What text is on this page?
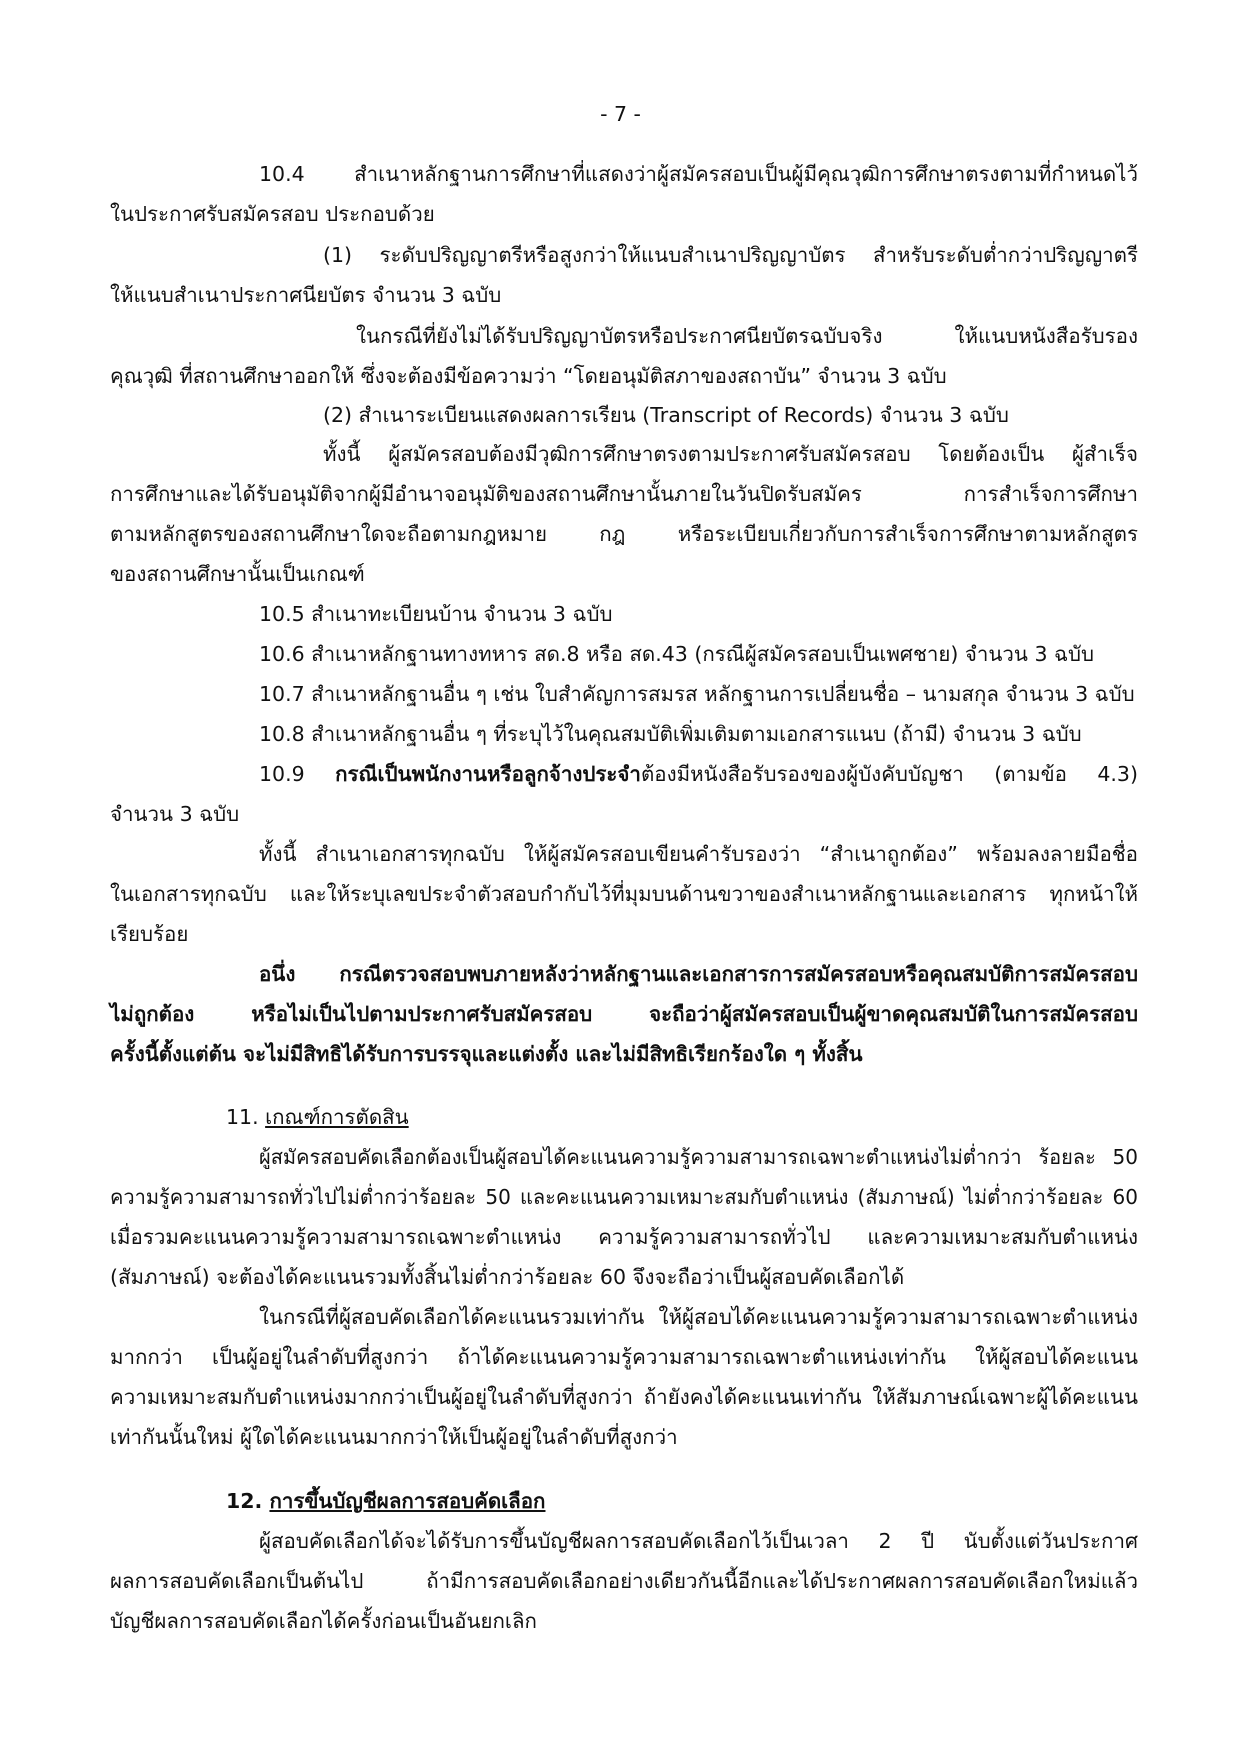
- 7 -
10.4 สำเนาหลักฐานการศึกษาที่แสดงว่าผู้สมัครสอบเป็นผู้มีคุณวุฒิการศึกษาตรงตามที่กำหนดไว้
ในประกาศรับสมัครสอบ ประกอบด้วย
(1) ระดับปริญญาตรีหรือสูงกว่าให้แนบสำเนาปริญญาบัตร สำหรับระดับต่ำกว่าปริญญาตรี
ให้แนบสำเนาประกาศนียบัตร จำนวน 3 ฉบับ
ในกรณีที่ยังไม่ได้รับปริญญาบัตรหรือประกาศนียบัตรฉบับจริง ให้แนบหนังสือรับรอง
คุณวุฒิ ที่สถานศึกษาออกให้ ซึ่งจะต้องมีข้อความว่า “โดยอนุมัติสภาของสถาบัน” จำนวน 3 ฉบับ
(2) สำเนาระเบียนแสดงผลการเรียน (Transcript of Records) จำนวน 3 ฉบับ
ทั้งนี้ ผู้สมัครสอบต้องมีวุฒิการศึกษาตรงตามประกาศรับสมัครสอบ โดยต้องเป็น ผู้สำเร็จ
การศึกษาและได้รับอนุมัติจากผู้มีอำนาจอนุมัติของสถานศึกษานั้นภายในวันปิดรับสมัคร การสำเร็จการศึกษา
ตามหลักสูตรของสถานศึกษาใดจะถือตามกฎหมาย กฎ หรือระเบียบเกี่ยวกับการสำเร็จการศึกษาตามหลักสูตร
ของสถานศึกษานั้นเป็นเกณฑ์
10.5 สำเนาทะเบียนบ้าน จำนวน 3 ฉบับ
10.6 สำเนาหลักฐานทางทหาร สด.8 หรือ สด.43 (กรณีผู้สมัครสอบเป็นเพศชาย) จำนวน 3 ฉบับ
10.7 สำเนาหลักฐานอื่น ๆ เช่น ใบสำคัญการสมรส หลักฐานการเปลี่ยนชื่อ – นามสกุล จำนวน 3 ฉบับ
10.8 สำเนาหลักฐานอื่น ๆ ที่ระบุไว้ในคุณสมบัติเพิ่มเติมตามเอกสารแนบ (ถ้ามี) จำนวน 3 ฉบับ
10.9 กรณีเป็นพนักงานหรือลูกจ้างประจำต้องมีหนังสือรับรองของผู้บังคับบัญชา (ตามข้อ 4.3)
จำนวน 3 ฉบับ
ทั้งนี้ สำเนาเอกสารทุกฉบับ ให้ผู้สมัครสอบเขียนคำรับรองว่า “สำเนาถูกต้อง” พร้อมลงลายมือชื่อ
ในเอกสารทุกฉบับ และให้ระบุเลขประจำตัวสอบกำกับไว้ที่มุมบนด้านขวาของสำเนาหลักฐานและเอกสาร ทุกหน้าให้
เรียบร้อย
อนึ่ง กรณีตรวจสอบพบภายหลังว่าหลักฐานและเอกสารการสมัครสอบหรือคุณสมบัติการสมัครสอบ
ไม่ถูกต้อง หรือไม่เป็นไปตามประกาศรับสมัครสอบ จะถือว่าผู้สมัครสอบเป็นผู้ขาดคุณสมบัติในการสมัครสอบ
ครั้งนี้ตั้งแต่ต้น จะไม่มีสิทธิได้รับการบรรจุและแต่งตั้ง และไม่มีสิทธิเรียกร้องใด ๆ ทั้งสิ้น
11. เกณฑ์การตัดสิน
ผู้สมัครสอบคัดเลือกต้องเป็นผู้สอบได้คะแนนความรู้ความสามารถเฉพาะตำแหน่งไม่ต่ำกว่า ร้อยละ 50
ความรู้ความสามารถทั่วไปไม่ต่ำกว่าร้อยละ 50 และคะแนนความเหมาะสมกับตำแหน่ง (สัมภาษณ์) ไม่ต่ำกว่าร้อยละ 60
เมื่อรวมคะแนนความรู้ความสามารถเฉพาะตำแหน่ง ความรู้ความสามารถทั่วไป และความเหมาะสมกับตำแหน่ง
(สัมภาษณ์) จะต้องได้คะแนนรวมทั้งสิ้นไม่ต่ำกว่าร้อยละ 60 จึงจะถือว่าเป็นผู้สอบคัดเลือกได้
ในกรณีที่ผู้สอบคัดเลือกได้คะแนนรวมเท่ากัน ให้ผู้สอบได้คะแนนความรู้ความสามารถเฉพาะตำแหน่ง
มากกว่า เป็นผู้อยู่ในลำดับที่สูงกว่า ถ้าได้คะแนนความรู้ความสามารถเฉพาะตำแหน่งเท่ากัน ให้ผู้สอบได้คะแนน
ความเหมาะสมกับตำแหน่งมากกว่าเป็นผู้อยู่ในลำดับที่สูงกว่า ถ้ายังคงได้คะแนนเท่ากัน ให้สัมภาษณ์เฉพาะผู้ได้คะแนน
เท่ากันนั้นใหม่ ผู้ใดได้คะแนนมากกว่าให้เป็นผู้อยู่ในลำดับที่สูงกว่า
12. การขึ้นบัญชีผลการสอบคัดเลือก
ผู้สอบคัดเลือกได้จะได้รับการขึ้นบัญชีผลการสอบคัดเลือกไว้เป็นเวลา 2 ปี นับตั้งแต่วันประกาศ
ผลการสอบคัดเลือกเป็นต้นไป ถ้ามีการสอบคัดเลือกอย่างเดียวกันนี้อีกและได้ประกาศผลการสอบคัดเลือกใหม่แล้ว
บัญชีผลการสอบคัดเลือกได้ครั้งก่อนเป็นอันยกเลิก
